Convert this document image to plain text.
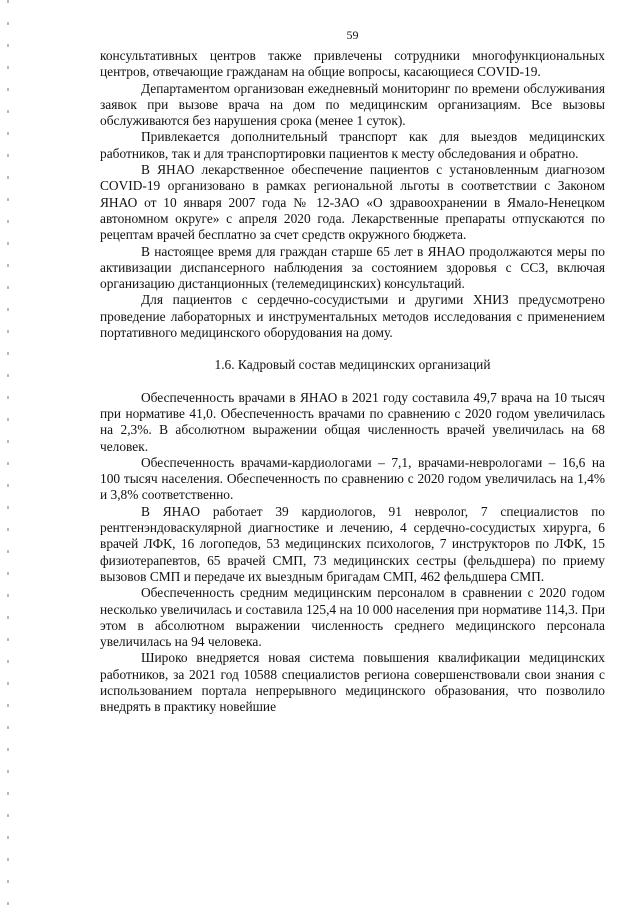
59

консультативных центров также привлечены сотрудники многофункциональных центров, отвечающие гражданам на общие вопросы, касающиеся COVID-19.

Департаментом организован ежедневный мониторинг по времени обслуживания заявок при вызове врача на дом по медицинским организациям. Все вызовы обслуживаются без нарушения срока (менее 1 суток).

Привлекается дополнительный транспорт как для выездов медицинских работников, так и для транспортировки пациентов к месту обследования и обратно.

В ЯНАО лекарственное обеспечение пациентов с установленным диагнозом COVID-19 организовано в рамках региональной льготы в соответствии с Законом ЯНАО от 10 января 2007 года № 12-ЗАО «О здравоохранении в Ямало-Ненецком автономном округе» с апреля 2020 года. Лекарственные препараты отпускаются по рецептам врачей бесплатно за счет средств окружного бюджета.

В настоящее время для граждан старше 65 лет в ЯНАО продолжаются меры по активизации диспансерного наблюдения за состоянием здоровья с ССЗ, включая организацию дистанционных (телемедицинских) консультаций.

Для пациентов с сердечно-сосудистыми и другими ХНИЗ предусмотрено проведение лабораторных и инструментальных методов исследования с применением портативного медицинского оборудования на дому.

1.6. Кадровый состав медицинских организаций

Обеспеченность врачами в ЯНАО в 2021 году составила 49,7 врача на 10 тысяч при нормативе 41,0. Обеспеченность врачами по сравнению с 2020 годом увеличилась на 2,3%. В абсолютном выражении общая численность врачей увеличилась на 68 человек.

Обеспеченность врачами-кардиологами – 7,1, врачами-неврологами – 16,6 на 100 тысяч населения. Обеспеченность по сравнению с 2020 годом увеличилась на 1,4% и 3,8% соответственно.

В ЯНАО работает 39 кардиологов, 91 невролог, 7 специалистов по рентгенэндоваскулярной диагностике и лечению, 4 сердечно-сосудистых хирурга, 6 врачей ЛФК, 16 логопедов, 53 медицинских психологов, 7 инструкторов по ЛФК, 15 физиотерапевтов, 65 врачей СМП, 73 медицинских сестры (фельдшера) по приему вызовов СМП и передаче их выездным бригадам СМП, 462 фельдшера СМП.

Обеспеченность средним медицинским персоналом в сравнении с 2020 годом несколько увеличилась и составила 125,4 на 10 000 населения при нормативе 114,3. При этом в абсолютном выражении численность среднего медицинского персонала увеличилась на 94 человека.

Широко внедряется новая система повышения квалификации медицинских работников, за 2021 год 10588 специалистов региона совершенствовали свои знания с использованием портала непрерывного медицинского образования, что позволило внедрять в практику новейшие
